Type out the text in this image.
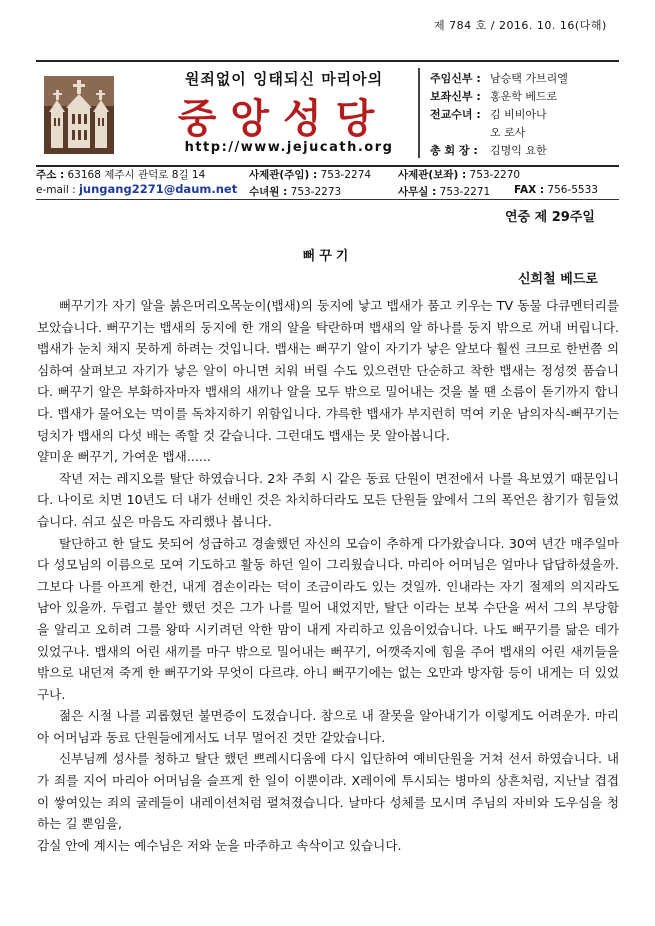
제 784 호 / 2016. 10. 16(다해)
원죄없이 잉태되신 마리아의
중앙성당
http://www.jejucath.org
주임신부 : 남승택 가브리엘
보좌신부 : 홍운학 베드로
전교수녀 : 김 비비아나
오 로사
총 회 장 : 김명익 요한
주소 : 63168 제주시 관덕로 8길 14	사제관(주임) : 753-2274	사제관(보좌) : 753-2270
e-mail : jungang2271@daum.net 수녀원 : 753-2273	사무실 : 753-2271 FAX : 756-5533
연중 제 29주일
뻐꾸기
신희철 베드로

뻐꾸기가 자기 알을 붉은머리오목눈이(뱁새)의 둥지에 낳고 뱁새가 품고 키우는 TV 동물 다큐멘터리를 보았습니다. 뻐꾸기는 뱁새의 둥지에 한 개의 알을 탁란하며 뱁새의 알 하나를 둥지 밖으로 꺼내 버립니다. 뱁새가 눈치 채지 못하게 하려는 것입니다. 뱁새는 뻐꾸기 알이 자기가 낳은 알보다 훨씬 크므로 한번쯤 의심하여 살펴보고 자기가 낳은 알이 아니면 치워 버릴 수도 있으련만 단순하고 착한 뱁새는 정성껏 품습니다. 뻐꾸기 알은 부화하자마자 뱁새의 새끼나 알을 모두 밖으로 밀어내는 것을 볼 땐 소름이 돋기까지 합니다. 뱁새가 물어오는 먹이를 독차지하기 위함입니다. 갸륵한 뱁새가 부지런히 먹여 키운 남의자식-뻐꾸기는 덩치가 뱁새의 다섯 배는 족할 것 같습니다. 그런대도 뱁새는 못 알아봅니다.

얄미운 뻐꾸기, 가여운 뱁새......

작년 저는 레지오를 탈단 하였습니다. 2차 주회 시 같은 동료 단원이 면전에서 나를 욕보였기 때문입니다. 나이로 치면 10년도 더 내가 선배인 것은 차치하더라도 모든 단원들 앞에서 그의 폭언은 참기가 힘들었습니다. 쉬고 싶은 마음도 자리했나 봅니다.

탈단하고 한 달도 못되어 성급하고 경솔했던 자신의 모습이 추하게 다가왔습니다. 30여 년간 매주일마다 성모님의 이름으로 모여 기도하고 활동 하던 일이 그리웠습니다. 마리아 어머님은 얼마나 답답하셨을까. 그보다 나를 아프게 한건, 내게 겸손이라는 덕이 조금이라도 있는 것일까. 인내라는 자기 절제의 의지라도 남아 있을까. 두렵고 불안 했던 것은 그가 나를 밀어 내었지만, 탈단 이라는 보복 수단을 써서 그의 부당함을 알리고 오히려 그를 왕따 시키려던 악한 맘이 내게 자리하고 있음이었습니다. 나도 뻐꾸기를 닮은 데가 있었구나. 뱁새의 어린 새끼를 마구 밖으로 밀어내는 뻐꾸기, 어깻죽지에 힘을 주어 뱁새의 어린 새끼들을 밖으로 내던져 죽게 한 뻐꾸기와 무엇이 다르랴. 아니 뻐꾸기에는 없는 오만과 방자함 등이 내게는 더 있었구나.

젊은 시절 나를 괴롭혔던 불면증이 도졌습니다. 참으로 내 잘못을 알아내기가 이렇게도 어려운가. 마리아 어머님과 동료 단원들에게서도 너무 멀어진 것만 같았습니다.

신부님께 성사를 청하고 탈단 했던 쁘레시디움에 다시 입단하여 예비단원을 거쳐 선서 하였습니다. 내가 죄를 지어 마리아 어머님을 슬프게 한 일이 이뿐이랴. X레이에 투시되는 병마의 상흔처럼, 지난날 겹겹이 쌓여있는 죄의 굴레들이 내레이션처럼 펼쳐졌습니다. 날마다 성체를 모시며 주님의 자비와 도우심을 청하는 길 뿐임을,

감실 안에 계시는 예수님은 저와 눈을 마주하고 속삭이고 있습니다.
